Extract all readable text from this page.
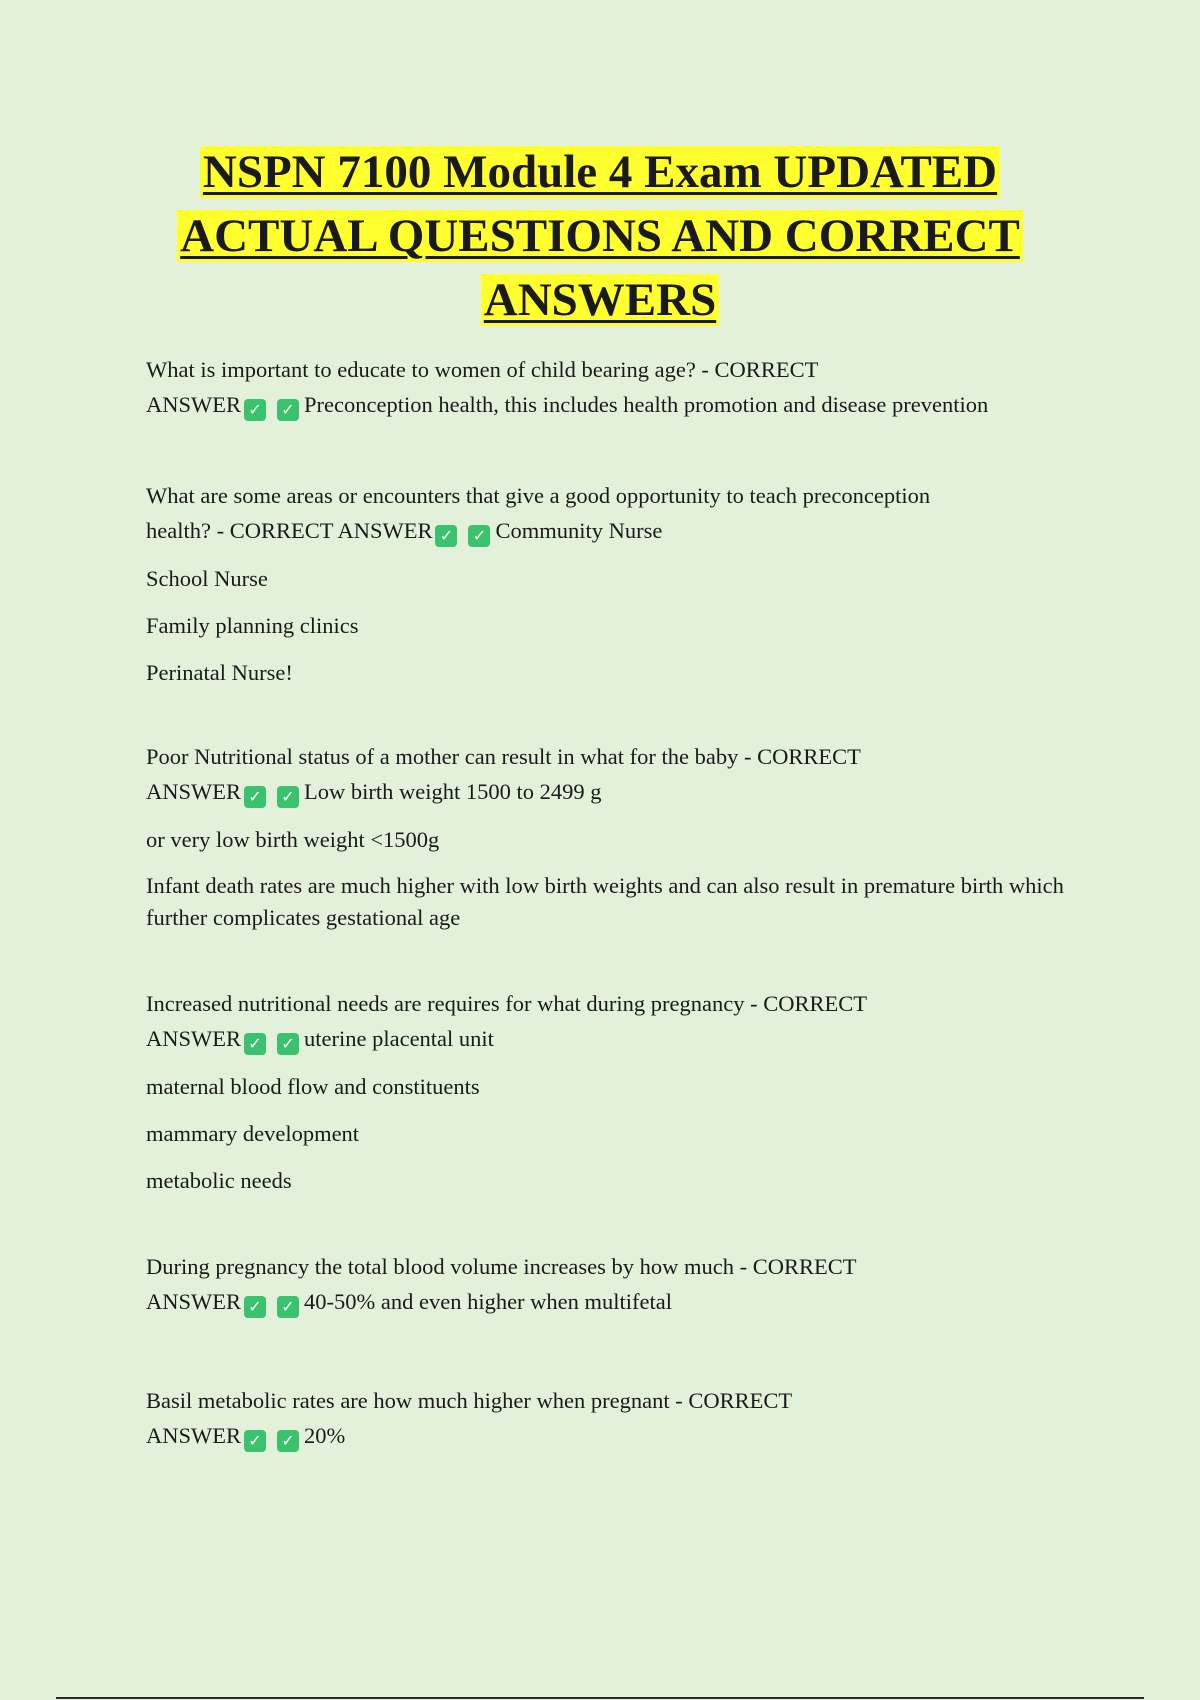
NSPN 7100 Module 4 Exam UPDATED ACTUAL QUESTIONS AND CORRECT ANSWERS

What is important to educate to women of child bearing age? - CORRECT

ANSWER ✓ ✓ Preconception health, this includes health promotion and disease prevention

What are some areas or encounters that give a good opportunity to teach preconception

health? - CORRECT ANSWER ✓ ✓ Community Nurse

School Nurse

Family planning clinics

Perinatal Nurse!

Poor Nutritional status of a mother can result in what for the baby - CORRECT

ANSWER ✓ ✓ Low birth weight 1500 to 2499 g

or very low birth weight <1500g

Infant death rates are much higher with low birth weights and can also result in premature birth which further complicates gestational age

Increased nutritional needs are requires for what during pregnancy - CORRECT

ANSWER ✓ ✓ uterine placental unit

maternal blood flow and constituents

mammary development

metabolic needs

During pregnancy the total blood volume increases by how much - CORRECT

ANSWER ✓ ✓ 40-50% and even higher when multifetal

Basil metabolic rates are how much higher when pregnant - CORRECT

ANSWER ✓ ✓ 20%
